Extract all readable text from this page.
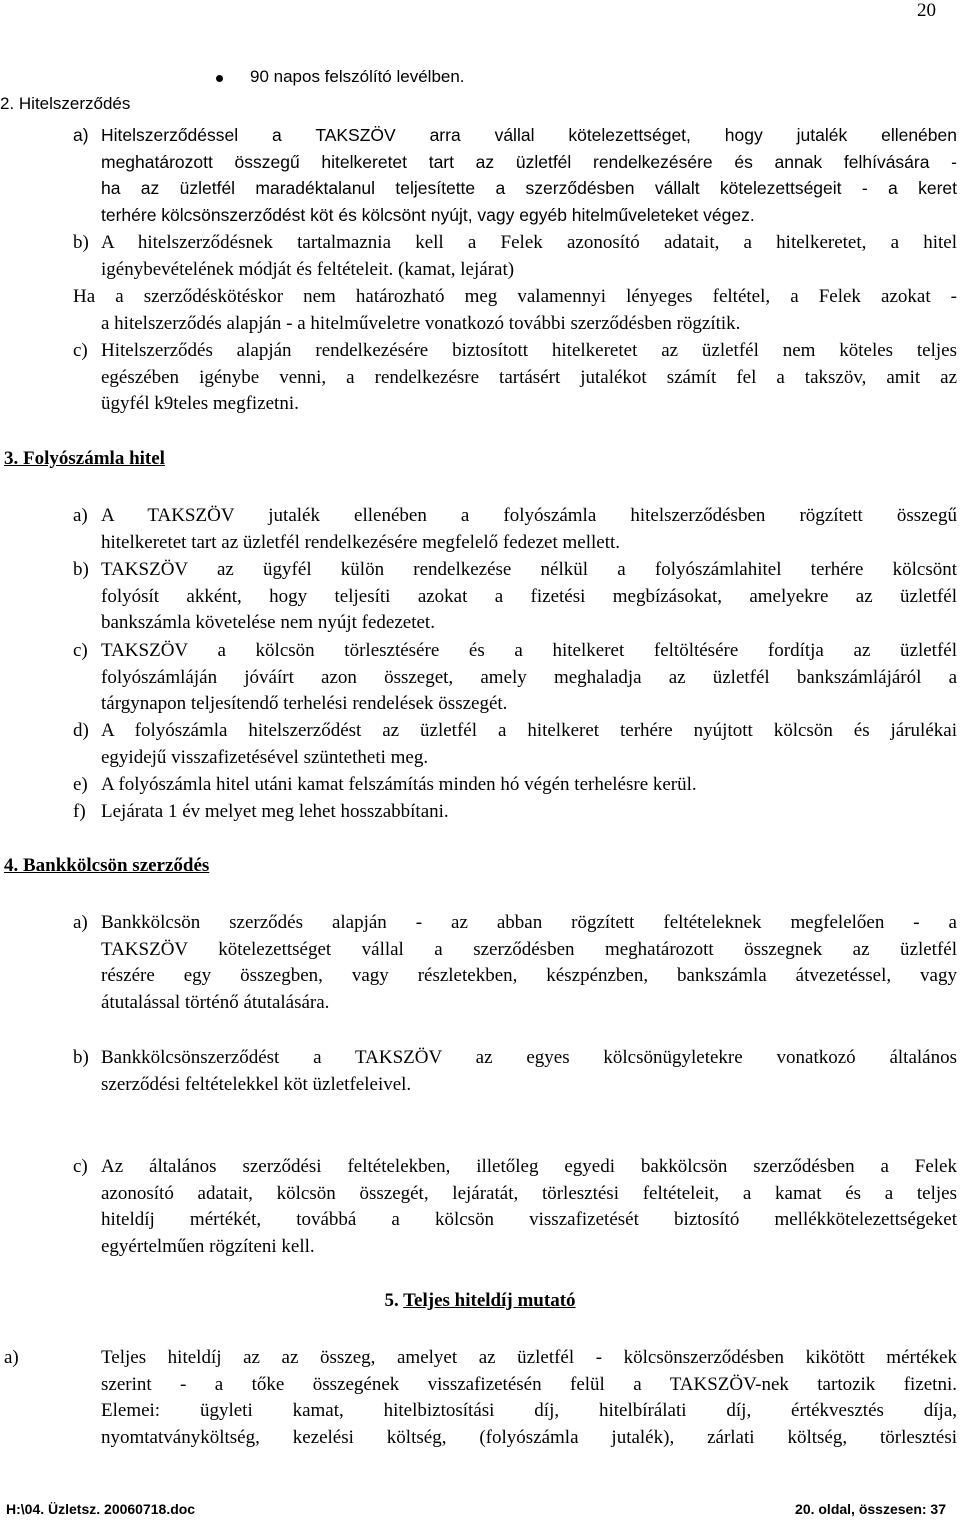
20
90 napos felszólító levélben.
2. Hitelszerződés
a) Hitelszerződéssel a TAKSZÖV arra vállal kötelezettséget, hogy jutalék ellenében
meghatározott összegű hitelkeretet tart az üzletfél rendelkezésére és annak felhívására -
ha az üzletfél maradéktalanul teljesítette a szerződésben vállalt kötelezettségeit - a keret
terhére kölcsönszerződést köt és kölcsönt nyújt, vagy egyéb hitelműveleteket végez.
b) A hitelszerződésnek tartalmaznia kell a Felek azonosító adatait, a hitelkeretet, a hitel
igénybevételének módját és feltételeit. (kamat, lejárat)
Ha a szerződéskötéskor nem határozható meg valamennyi lényeges feltétel, a Felek azokat -
a hitelszerződés alapján - a hitelműveletre vonatkozó további szerződésben rögzítik.
c) Hitelszerződés alapján rendelkezésére biztosított hitelkeretet az üzletfél nem köteles teljes
egészében igénybe venni, a rendelkezésre tartásért jutalékot számít fel a takszöv, amit az
ügyfél k9teles megfizetni.
3. Folyószámla hitel
a) A TAKSZÖV jutalék ellenében a folyószámla hitelszerződésben rögzített összegű
hitelkeretet tart az üzletfél rendelkezésére megfelelő fedezet mellett.
b) TAKSZÖV az ügyfél külön rendelkezése nélkül a folyószámlahitel terhére kölcsönt
folyósít akként, hogy teljesíti azokat a fizetési megbízásokat, amelyekre az üzletfél
bankszámla követelése nem nyújt fedezetet.
c) TAKSZÖV a kölcsön törlesztésére és a hitelkeret feltöltésére fordítja az üzletfél
folyószámláján jóváírt azon összeget, amely meghaladja az üzletfél bankszámlájáról a
tárgynapon teljesítendő terhelési rendelések összegét.
d) A folyószámla hitelszerződést az üzletfél a hitelkeret terhére nyújtott kölcsön és járulékai
egyidejű visszafizetésével szüntetheti meg.
e) A folyószámla hitel utáni kamat felszámítás minden hó végén terhelésre kerül.
f) Lejárata 1 év melyet meg lehet hosszabbítani.
4. Bankkölcsön szerződés
a) Bankkölcsön szerződés alapján - az abban rögzített feltételeknek megfelelően - a
TAKSZÖV kötelezettséget vállal a szerződésben meghatározott összegnek az üzletfél
részére egy összegben, vagy részletekben, készpénzben, bankszámla átvezetéssel, vagy
átutalással történő átutalására.
b) Bankkölcsönszerződést a TAKSZÖV az egyes kölcsönügyletekre vonatkozó általános
szerződési feltételekkel köt üzletfeleivel.
c) Az általános szerződési feltételekben, illetőleg egyedi bakkölcsön szerződésben a Felek
azonosító adatait, kölcsön összegét, lejáratát, törlesztési feltételeit, a kamat és a teljes
hiteldíj mértékét, továbbá a kölcsön visszafizetését biztosító mellékkötelezettségeket
egyértelműen rögzíteni kell.
5. Teljes hiteldíj mutató
a)	Teljes hiteldíj az az összeg, amelyet az üzletfél - kölcsönszerződésben kikötött mértékek
szerint - a tőke összegének visszafizetésén felül a TAKSZÖV-nek tartozik fizetni.
Elemei: ügyleti kamat, hitelbiztosítási díj, hitelbírálati díj, értékvesztés díja,
nyomtatványköltség, kezelési költség, (folyószámla jutalék), zárlati költség, törlesztési
H:\04. Üzletsz. 20060718.doc	20. oldal, összesen: 37
